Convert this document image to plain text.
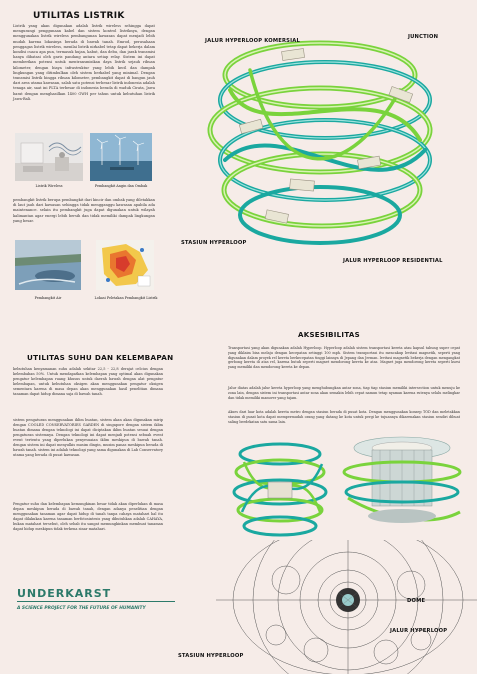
UTILITAS LISTRIK
Listrik yang akan digunakan adalah listrik wireless sehingga dapat mengurangi penggunaan kabel dan sistem kontrol listriknya, dengan menggunakan listrik wireless pembangunan kawasan dapat menjadi lebih mudah karena lokasinya berada di bawah tanah. Emrod, perusahaan penggagas listrik wireless, menilai listrik nirkabel tetap dapat bekerja dalam kondisi cuaca apa pun, termasuk hujan, kabut, dan debu, dan jarak transmisi hanya dibatasi oleh garis pandang antara setiap relay. Sistem ini dapat memberikan potensi untuk mentransmisikan daya listrik sejauh ribuan kilometer, dengan biaya infrastruktur yang lebih kecil dan dampak lingkungan yang ditimbulkan oleh sistem berkabel yang minimal. Dengan transmisi listrik hingga ribuan kilometer, pembangkit dapat di bangun jauh dari area utama kawasan, salah satu potensi terbesar listrik indonesia adalah tenaga air, saat ini PLTA terbesar di indonesia berada di waduk Cirata, Jawa barat dengan menghasilkan 1400 GWH per tahun untuk kebutuhan listrik Jawa-Bali.
Listrik Wireless	Pembangkit Angin dan Ombak
pembangkit listrik berupa pembangkit dari kincir dan ombak yang diletakkan di laut jauh dari kawasan sehingga tidak mengganggu kawasan apabila ada maintenance. selain itu pembangkit juga dapat digunakan untuk wilayah kalimantan agar energi lebih bersih dan tidak memiliki dampak lingkungan yang besar.
Pembangkit Air	Lokasi Peletakan Pembangkit Listrik
JALUR HYPERLOOP KOMERSIAL
JUNCTION
STASIUN HYPERLOOP
JALUR HYPERLOOP RESIDENTIAL
AKSESIBILITAS
Transportasi yang akan digunakan adalah Hyperloop. Hyperloop adalah sistem transportasi kereta atau kapsul tabung super cepat yang diklaim bisa melaju dengan kecepatan setinggi 100 mph. Sistem transportasi itu mencakup levitasi magnetik, seperti yang digunakan dalam proyek rel kereta berkecepatan tinggi lainnya di Jepang dan Jerman. levitasi magnetik bekerja dengan mengangkat gerbong kereta di atas rel, karena butuh seperti magnet mendorong kereta ke atas. Magnet juga mendorong kereta seperti kursi yang memiliki dan mendorong kereta ke depan.
Jalur diatas adalah jalur kereta hyperloop yang menghubungkan antar zona, tiap tiap stasiun memiliki intersection untuk menuju ke zona lain, dengan sistem ini transportasi antar zona akan semakin lebih cepat namun tetap nyaman karena rutenya selalu melingkar dan tidak memiliki manuver yang tajam.
Akses dari luar kota adalah kereta metro dengan stasiun berada di pusat kota. Dengan menggunakan konsep TOD dan meletakkan stasiun di pusat kota dapat mempermudah orang yang datang ke kota untuk pergi ke tujuannya dikarenakan stasiun sendiri dibuat saling berdekatan satu sama lain.
UTILITAS SUHU DAN KELEMBAPAN
kebutuhan kenyamanan suhu adalah sekitar 22,5 - 22,8 derajat celcius dengan kelembaban 50%. Untuk mendapatkan kelembapan yang optimal akan digunakan pengatur kelembapan ruang khusus untuk daerah bawah dengan alat pengatur kelembapan, untuk kebutuhan oksigen akan menggunakan pengatur oksigen sementara karena di masa depan akan menggunakan hasil penelitian dimana tanaman dapat hidup dimana saja di bawah tanah.
sistem pengaturan menggunakan iklim buatan, sistem akan akan digunakan mirip dengan COOLED CONSERVATORIES GARDEN di singapore dengan sistem iklim buatan dimana dengan teknologi ini dapat diciptakan iklim buatan sesuai dengan pengaturan sistemnya. Dengan teknologi ini dapat menjadi potensi sebuah event event tertentu yang diperlukan penyesuaian iklim meskipun di bawah tanah. dengan sistem ini dapat menyulkis musim dingin, musim panas meskipun berada di bawah tanah. sistem ini adalah teknologi yang sama digunakan di Lab Conservatory utama yang berada di pusat kawasan.
Pengatur suhu dan kelembapan kemungkinan besar tidak akan diperlukan di masa depan meskipun berada di bawah tanah, dengan adanya penelitian dengan menggunakan tanaman agar dapat hidup di tanah tanpa cahaya matahari hal itu dapat dilakukan karena tanaman berfotosintesis yang dibutuhkan adalah CAHAYA, bukan matahari tersebut, oleh sebab itu sangat memungkinkan membuat tanaman dapat hidup meskipun tidak terkena sinar matahari.
UNDERKARST
A SCIENCE PROJECT FOR THE FUTURE OF HUMANITY
DOME
JALUR HYPERLOOP
STASIUN HYPERLOOP
